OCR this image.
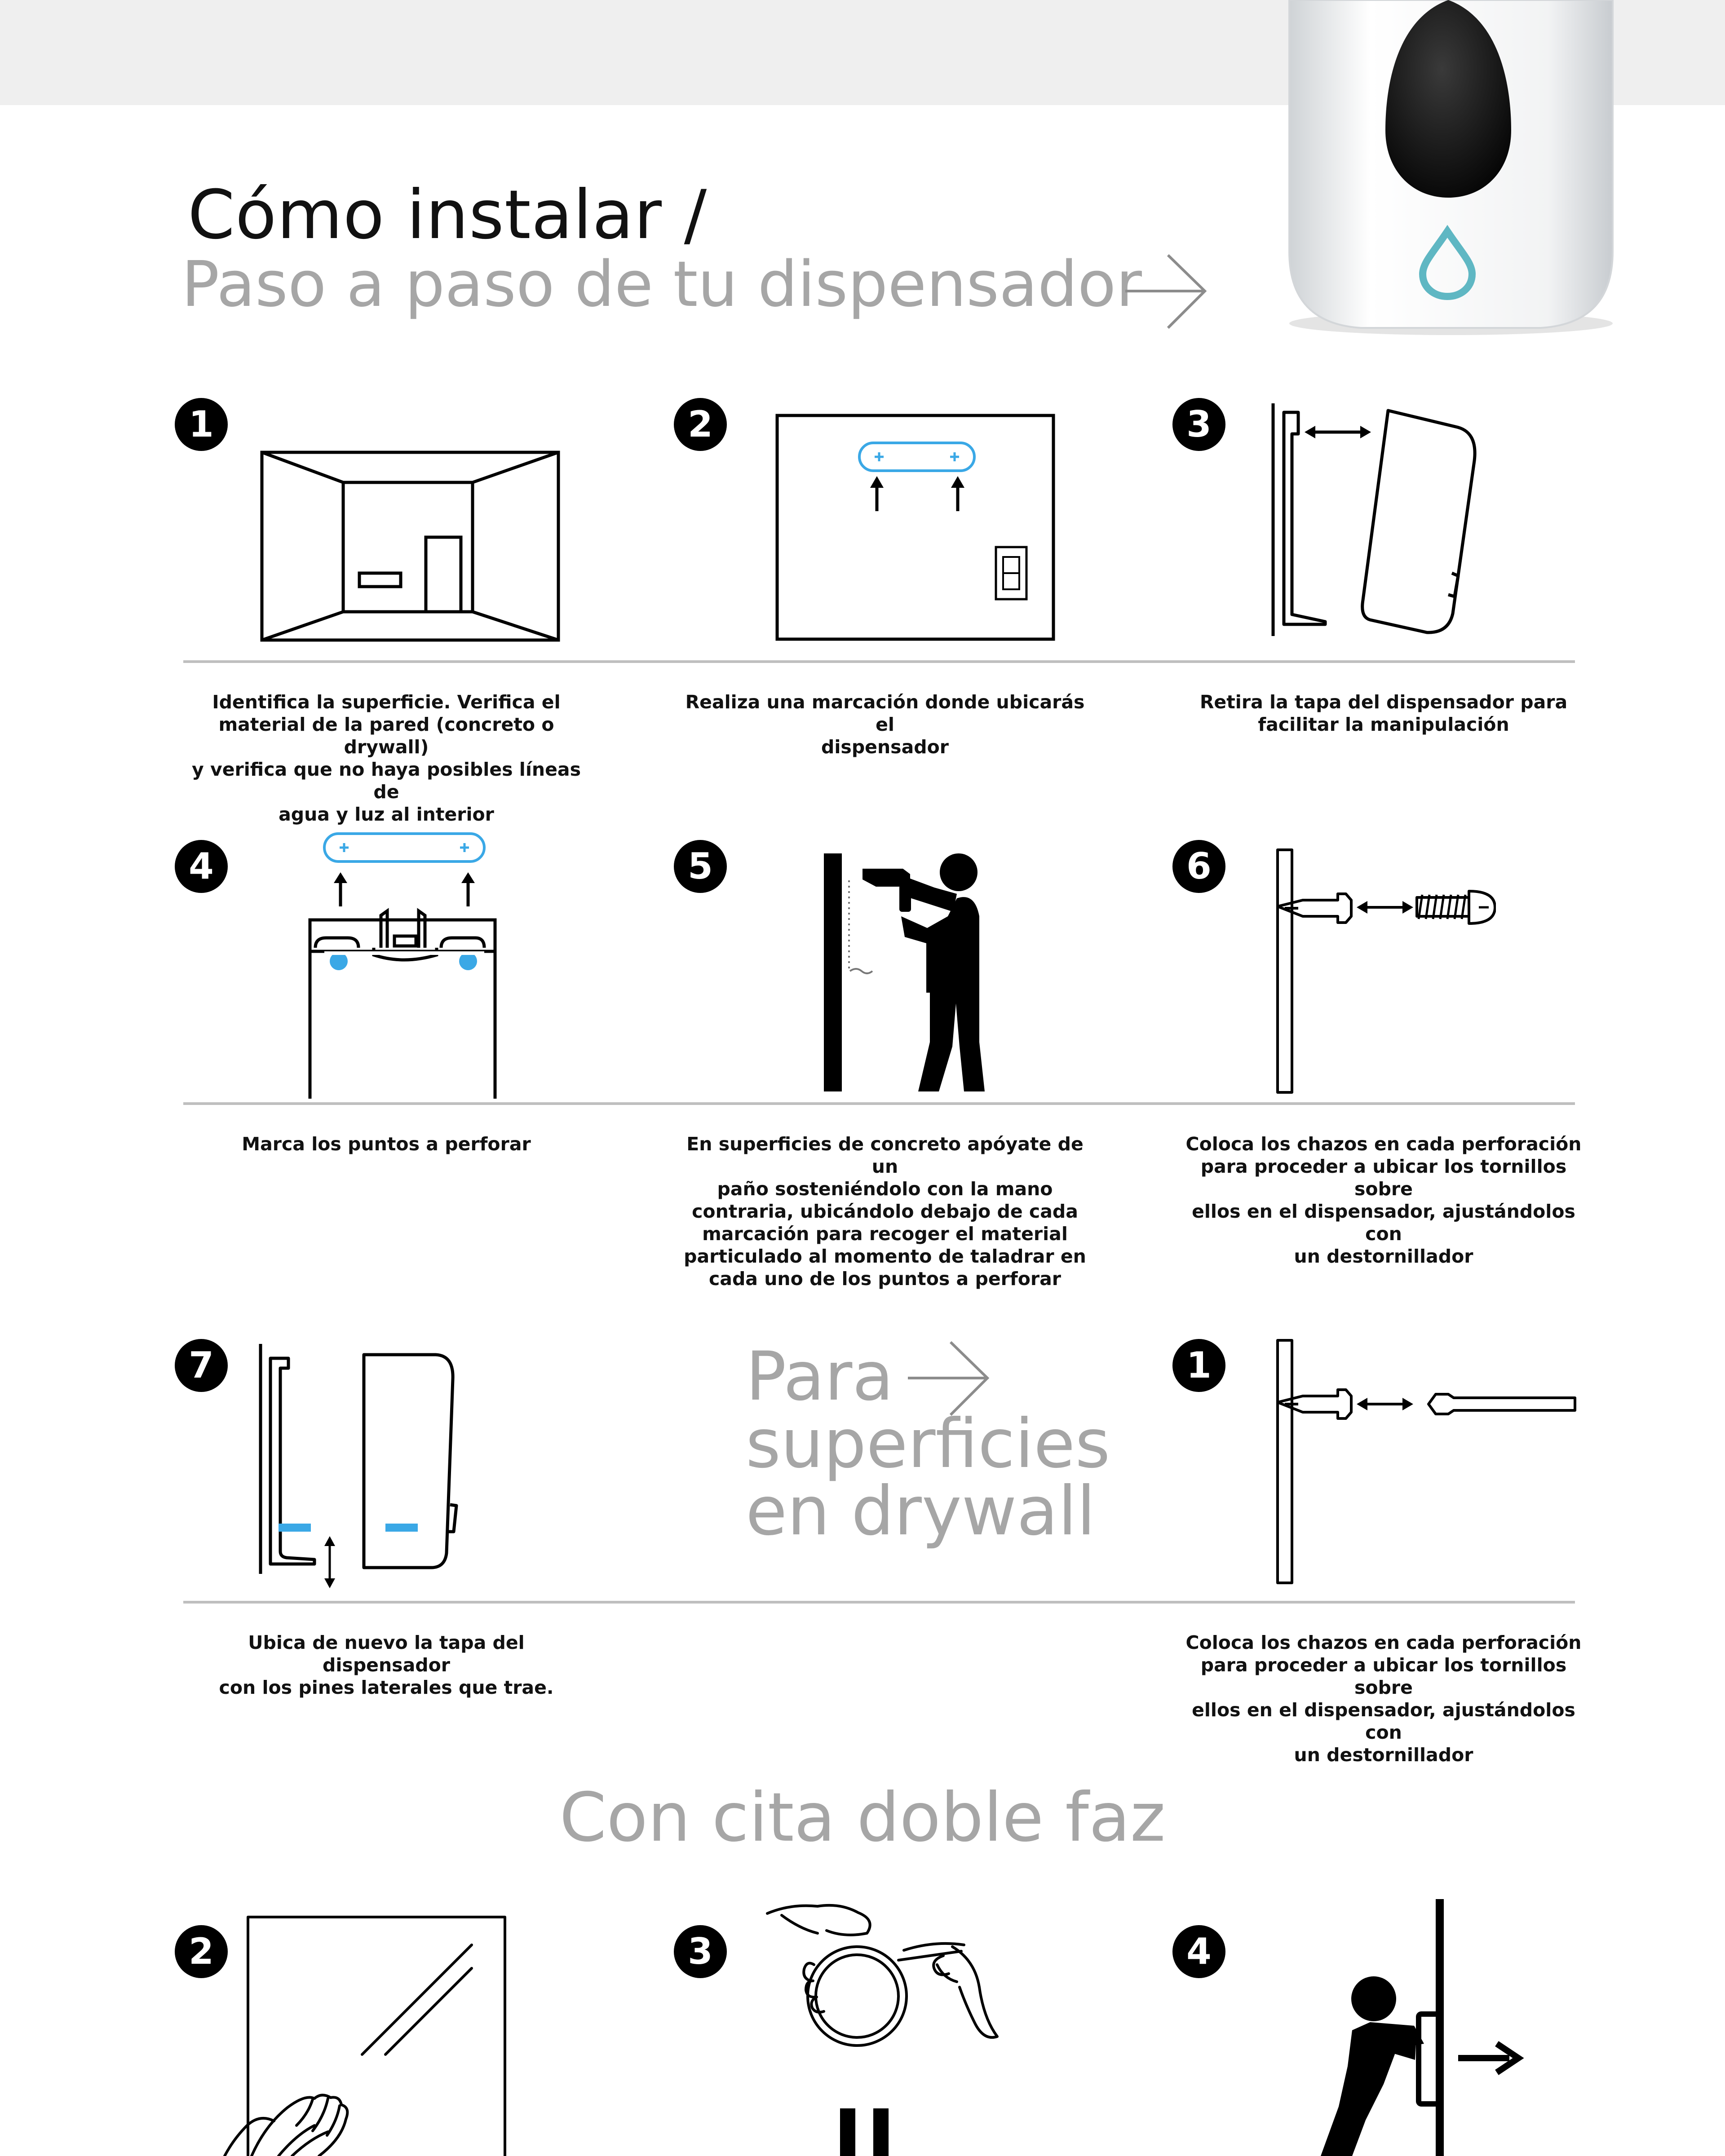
Cómo instalar /
Paso a paso de tu dispensador
1	2	3
Identifica la superficie. Verifica el
material de la pared (concreto o drywall)
y verifica que no haya posibles líneas de
agua y luz al interior
Realiza una marcación donde ubicarás el
dispensador
Retira la tapa del dispensador para
facilitar la manipulación
4	5	6
Marca los puntos a perforar	En superficies de concreto apóyate de un
paño sosteniéndolo con la mano
contraria, ubicándolo debajo de cada
marcación para recoger el material
particulado al momento de taladrar en
cada uno de los puntos a perforar
Coloca los chazos en cada perforación
para proceder a ubicar los tornillos sobre
ellos en el dispensador, ajustándolos con
un destornillador
7	1
Para
superficies
en drywall
Ubica de nuevo la tapa del dispensador
con los pines laterales que trae.
Coloca los chazos en cada perforación
para proceder a ubicar los tornillos sobre
ellos en el dispensador, ajustándolos con
un destornillador
Con cita doble faz
2	3	4
